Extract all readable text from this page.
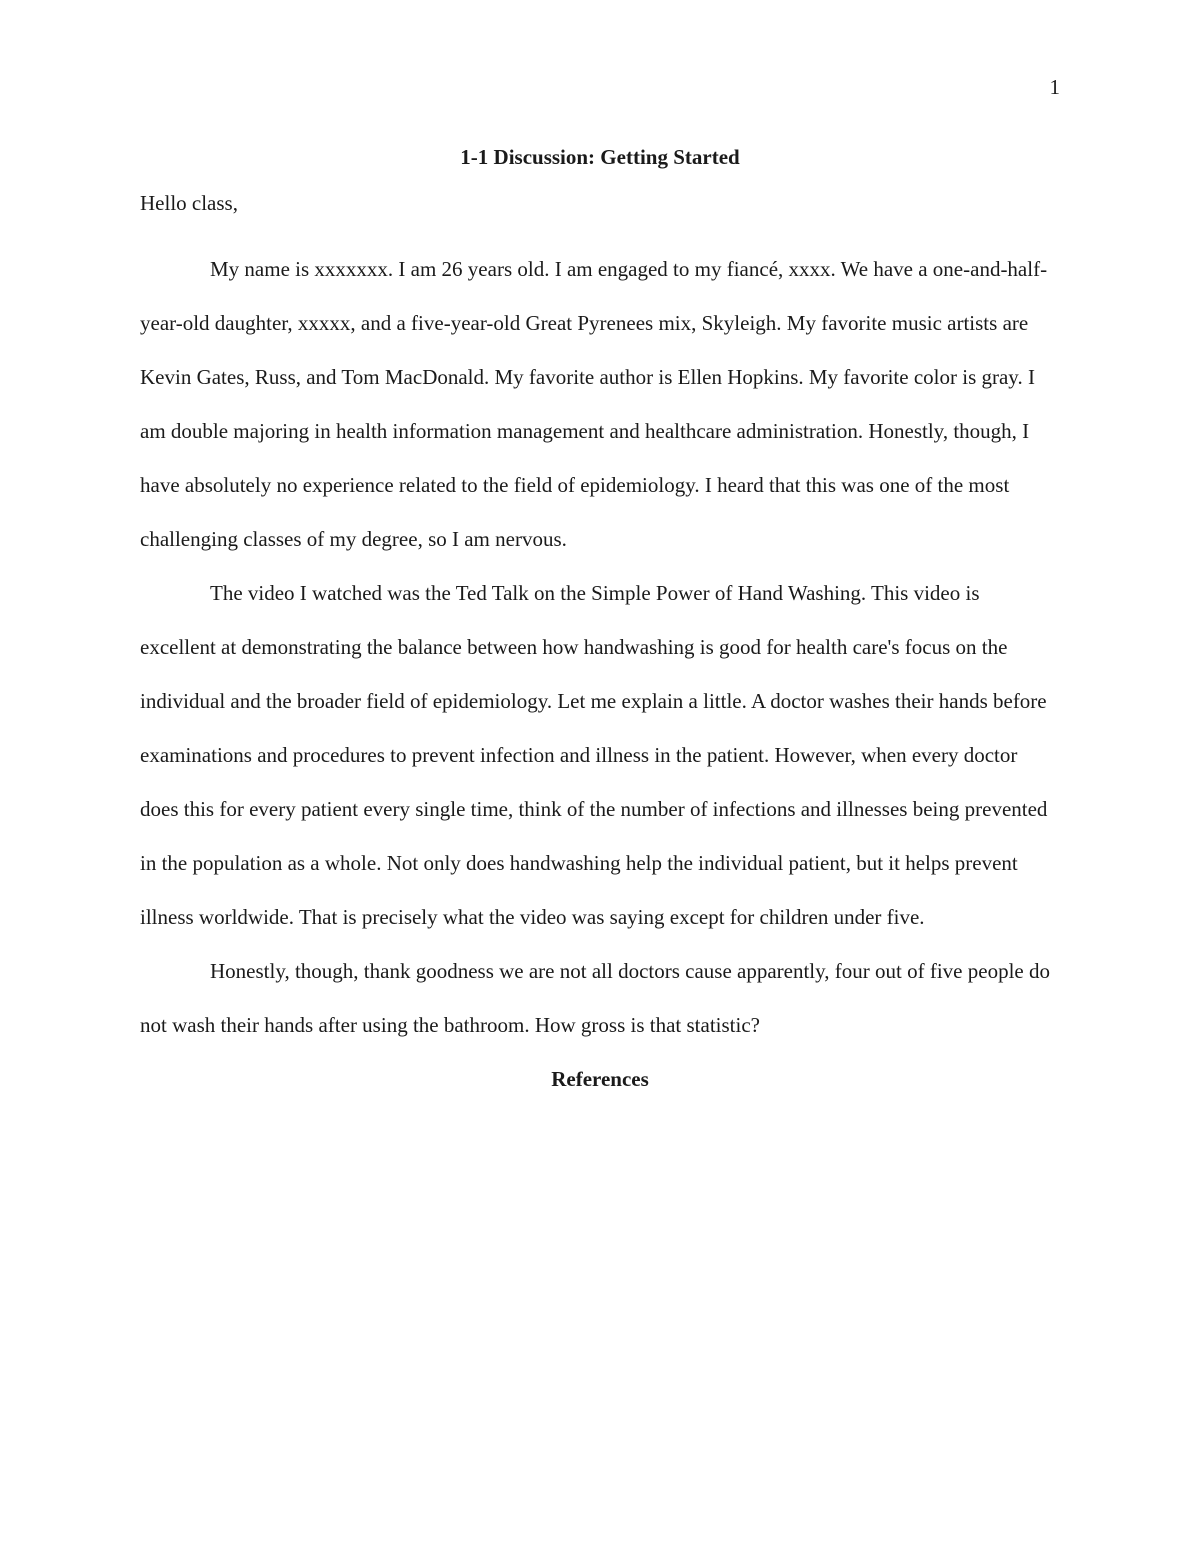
1

1-1 Discussion: Getting Started

Hello class,

My name is xxxxxxx. I am 26 years old. I am engaged to my fiancé, xxxx. We have a one-and-half-year-old daughter, xxxxx, and a five-year-old Great Pyrenees mix, Skyleigh. My favorite music artists are Kevin Gates, Russ, and Tom MacDonald. My favorite author is Ellen Hopkins. My favorite color is gray. I am double majoring in health information management and healthcare administration. Honestly, though, I have absolutely no experience related to the field of epidemiology. I heard that this was one of the most challenging classes of my degree, so I am nervous.

The video I watched was the Ted Talk on the Simple Power of Hand Washing. This video is excellent at demonstrating the balance between how handwashing is good for health care's focus on the individual and the broader field of epidemiology. Let me explain a little. A doctor washes their hands before examinations and procedures to prevent infection and illness in the patient. However, when every doctor does this for every patient every single time, think of the number of infections and illnesses being prevented in the population as a whole. Not only does handwashing help the individual patient, but it helps prevent illness worldwide. That is precisely what the video was saying except for children under five.

Honestly, though, thank goodness we are not all doctors cause apparently, four out of five people do not wash their hands after using the bathroom. How gross is that statistic?

References
